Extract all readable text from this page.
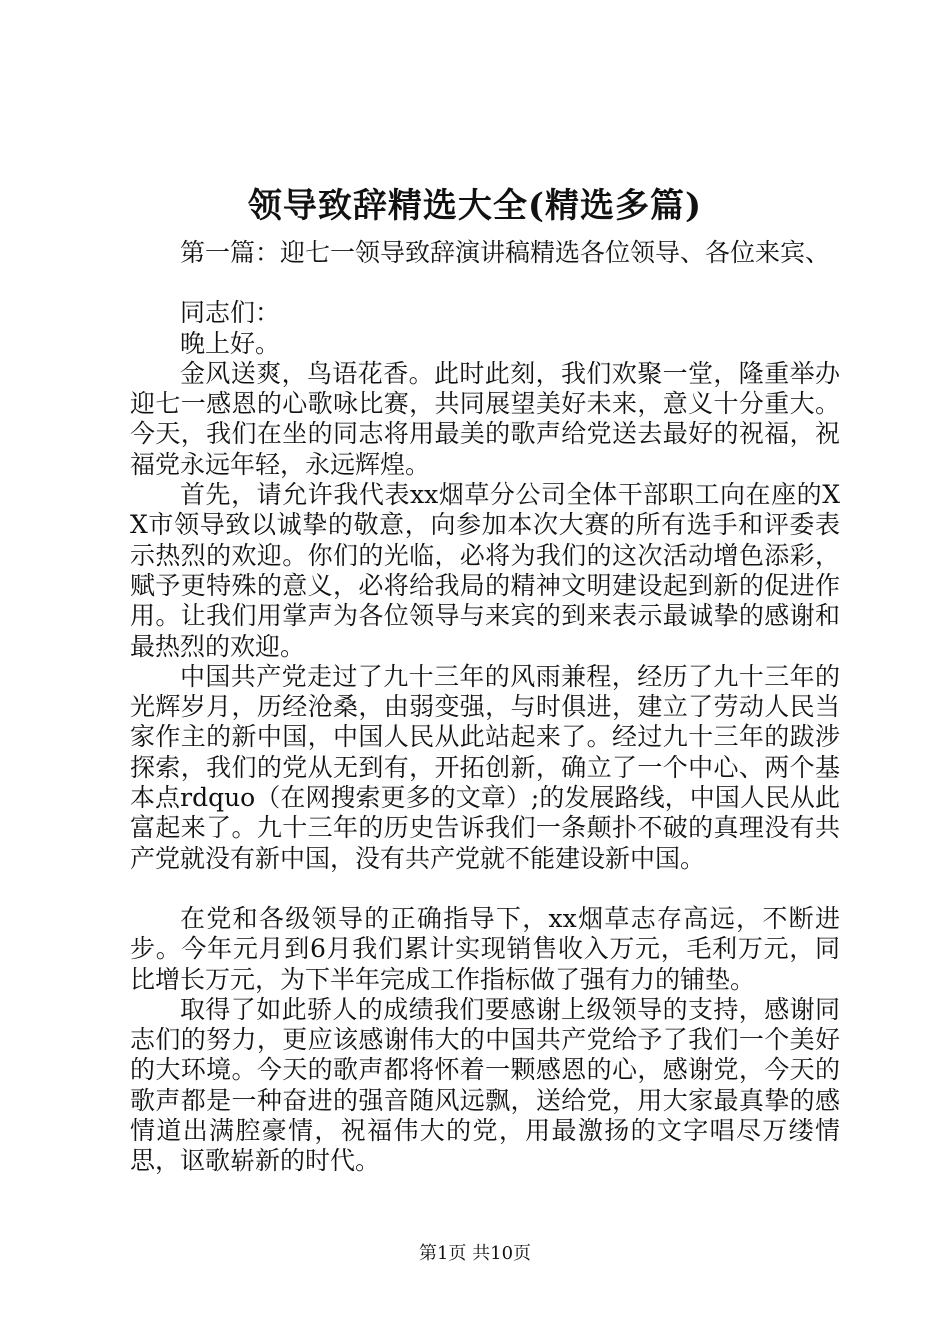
领导致辞精选大全(精选多篇)

第一篇：迎七一领导致辞演讲稿精选各位领导、各位来宾、

同志们：

晚上好。

金风送爽，鸟语花香。此时此刻，我们欢聚一堂，隆重举办迎七一感恩的心歌咏比赛，共同展望美好未来，意义十分重大。今天，我们在坐的同志将用最美的歌声给党送去最好的祝福，祝福党永远年轻，永远辉煌。

首先，请允许我代表xx烟草分公司全体干部职工向在座的XX市领导致以诚挚的敬意，向参加本次大赛的所有选手和评委表示热烈的欢迎。你们的光临，必将为我们的这次活动增色添彩，赋予更特殊的意义，必将给我局的精神文明建设起到新的促进作用。让我们用掌声为各位领导与来宾的到来表示最诚挚的感谢和最热烈的欢迎。

中国共产党走过了九十三年的风雨兼程，经历了九十三年的光辉岁月，历经沧桑，由弱变强，与时俱进，建立了劳动人民当家作主的新中国，中国人民从此站起来了。经过九十三年的跋涉探索，我们的党从无到有，开拓创新，确立了一个中心、两个基本点rdquo（在网搜索更多的文章）;的发展路线，中国人民从此富起来了。九十三年的历史告诉我们一条颠扑不破的真理没有共产党就没有新中国，没有共产党就不能建设新中国。

在党和各级领导的正确指导下，xx烟草志存高远，不断进步。今年元月到6月我们累计实现销售收入万元，毛利万元，同比增长万元，为下半年完成工作指标做了强有力的铺垫。

取得了如此骄人的成绩我们要感谢上级领导的支持，感谢同志们的努力，更应该感谢伟大的中国共产党给予了我们一个美好的大环境。今天的歌声都将怀着一颗感恩的心，感谢党，今天的歌声都是一种奋进的强音随风远飘，送给党，用大家最真挚的感情道出满腔豪情，祝福伟大的党，用最激扬的文字唱尽万缕情思，讴歌崭新的时代。

第1页 共10页
